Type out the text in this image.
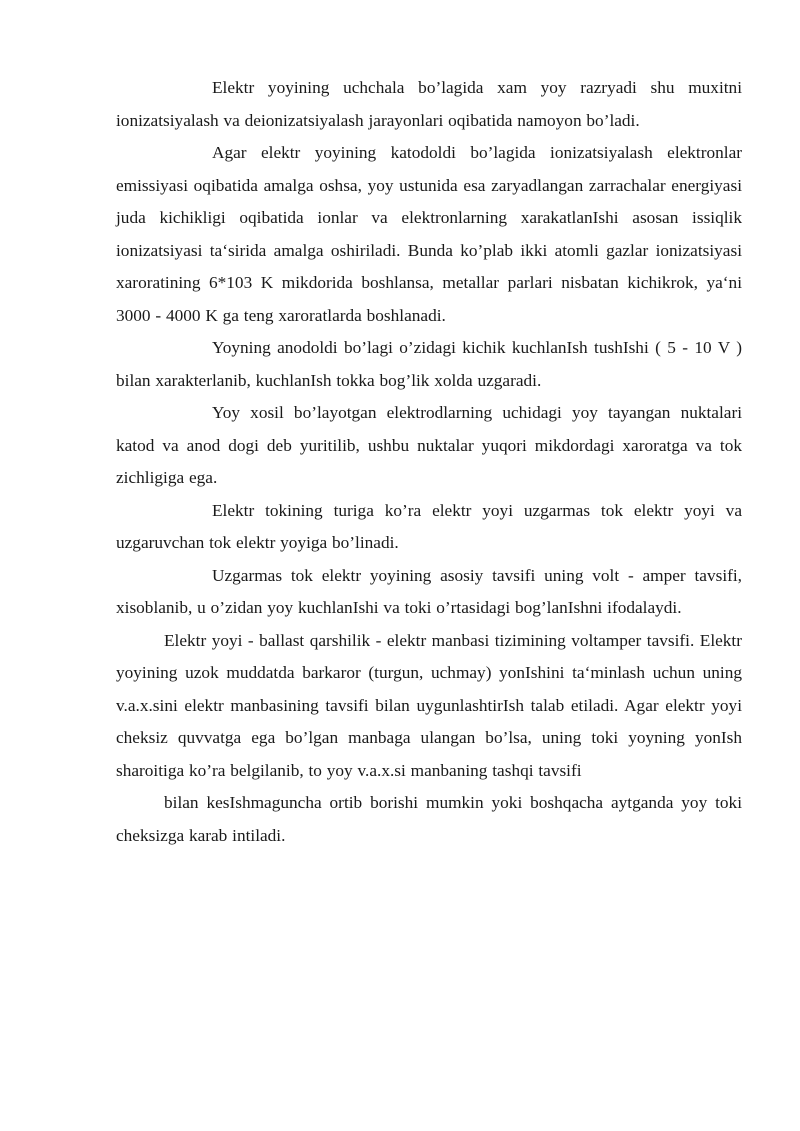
Elektr yoyining uchchala bo’lagida xam yoy razryadi shu muxitni ionizatsiyalash va deionizatsiyalash jarayonlari oqibatida namoyon bo’ladi.

Agar elektr yoyining katodoldi bo’lagida ionizatsiyalash elektronlar emissiyasi oqibatida amalga oshsa, yoy ustunida esa zaryadlangan zarrachalar energiyasi juda kichikligi oqibatida ionlar va elektronlarning xarakatlanIshi asosan issiqlik ionizatsiyasi ta‘sirida amalga oshiriladi. Bunda ko’plab ikki atomli gazlar ionizatsiyasi xaroratining 6*103 K mikdorida boshlansa, metallar parlari nisbatan kichikrok, ya‘ni 3000 - 4000 K ga teng xaroratlarda boshlanadi.

Yoyning anodoldi bo’lagi o’zidagi kichik kuchlanIsh tushIshi ( 5 - 10 V ) bilan xarakterlanib, kuchlanIsh tokka bog’lik xolda uzgaradi.

Yoy xosil bo’layotgan elektrodlarning uchidagi yoy tayangan nuktalari katod va anod dogi deb yuritilib, ushbu nuktalar yuqori mikdordagi xaroratga va tok zichligiga ega.

Elektr tokining turiga ko’ra elektr yoyi uzgarmas tok elektr yoyi va uzgaruvchan tok elektr yoyiga bo’linadi.

Uzgarmas tok elektr yoyining asosiy tavsifi uning volt - amper tavsifi, xisoblanib, u o’zidan yoy kuchlanIshi va toki o’rtasidagi bog’lanIshni ifodalaydi.

Elektr yoyi - ballast qarshilik - elektr manbasi tizimining voltamper tavsifi. Elektr yoyining uzok muddatda barkaror (turgun, uchmay) yonIshini ta‘minlash uchun uning v.a.x.sini elektr manbasining tavsifi bilan uygunlashtirIsh talab etiladi. Agar elektr yoyi cheksiz quvvatga ega bo’lgan manbaga ulangan bo’lsa, uning toki yoyning yonIsh sharoitiga ko’ra belgilanib, to yoy v.a.x.si manbaning tashqi tavsifi

bilan kesIshmaguncha ortib borishi mumkin yoki boshqacha aytganda yoy toki cheksizga karab intiladi.
